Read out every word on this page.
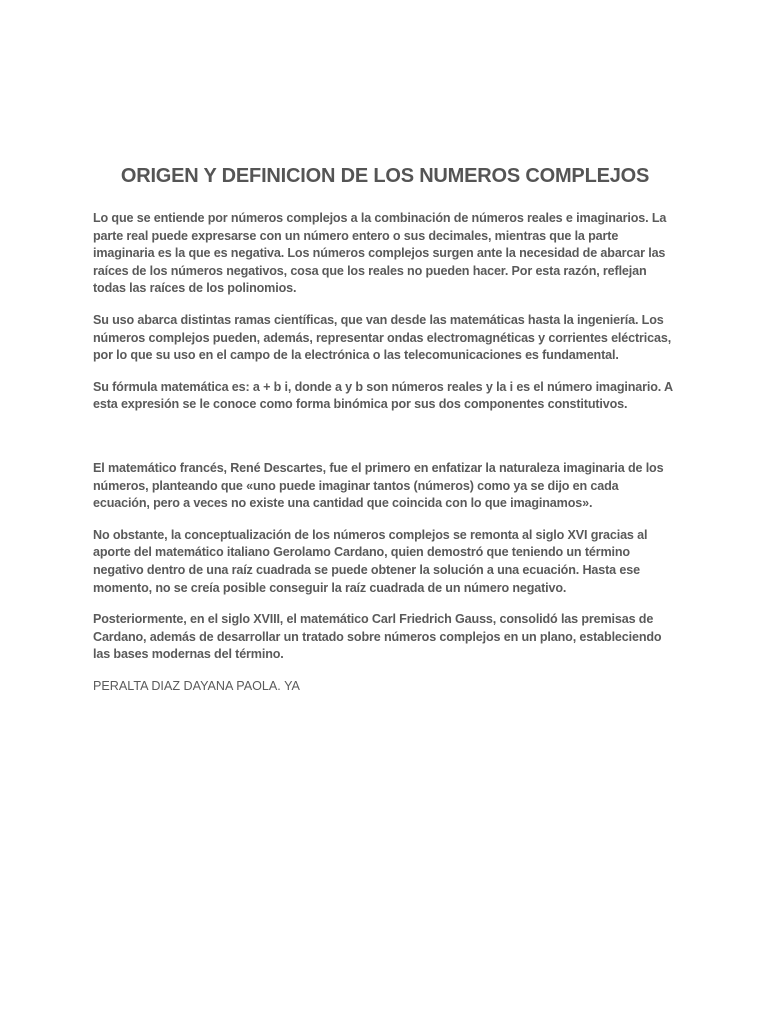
ORIGEN Y DEFINICION DE LOS NUMEROS COMPLEJOS

Lo que se entiende por números complejos a la combinación de números reales e imaginarios. La parte real puede expresarse con un número entero o sus decimales, mientras que la parte imaginaria es la que es negativa. Los números complejos surgen ante la necesidad de abarcar las raíces de los números negativos, cosa que los reales no pueden hacer. Por esta razón, reflejan todas las raíces de los polinomios.

Su uso abarca distintas ramas científicas, que van desde las matemáticas hasta la ingeniería. Los números complejos pueden, además, representar ondas electromagnéticas y corrientes eléctricas, por lo que su uso en el campo de la electrónica o las telecomunicaciones es fundamental.

Su fórmula matemática es: a + b i, donde a y b son números reales y la i es el número imaginario. A esta expresión se le conoce como forma binómica por sus dos componentes constitutivos.

El matemático francés, René Descartes, fue el primero en enfatizar la naturaleza imaginaria de los números, planteando que «uno puede imaginar tantos (números) como ya se dijo en cada ecuación, pero a veces no existe una cantidad que coincida con lo que imaginamos».

No obstante, la conceptualización de los números complejos se remonta al siglo XVI gracias al aporte del matemático italiano Gerolamo Cardano, quien demostró que teniendo un término negativo dentro de una raíz cuadrada se puede obtener la solución a una ecuación. Hasta ese momento, no se creía posible conseguir la raíz cuadrada de un número negativo.

Posteriormente, en el siglo XVIII, el matemático Carl Friedrich Gauss, consolidó las premisas de Cardano, además de desarrollar un tratado sobre números complejos en un plano, estableciendo las bases modernas del término.

PERALTA DIAZ DAYANA PAOLA. YA
